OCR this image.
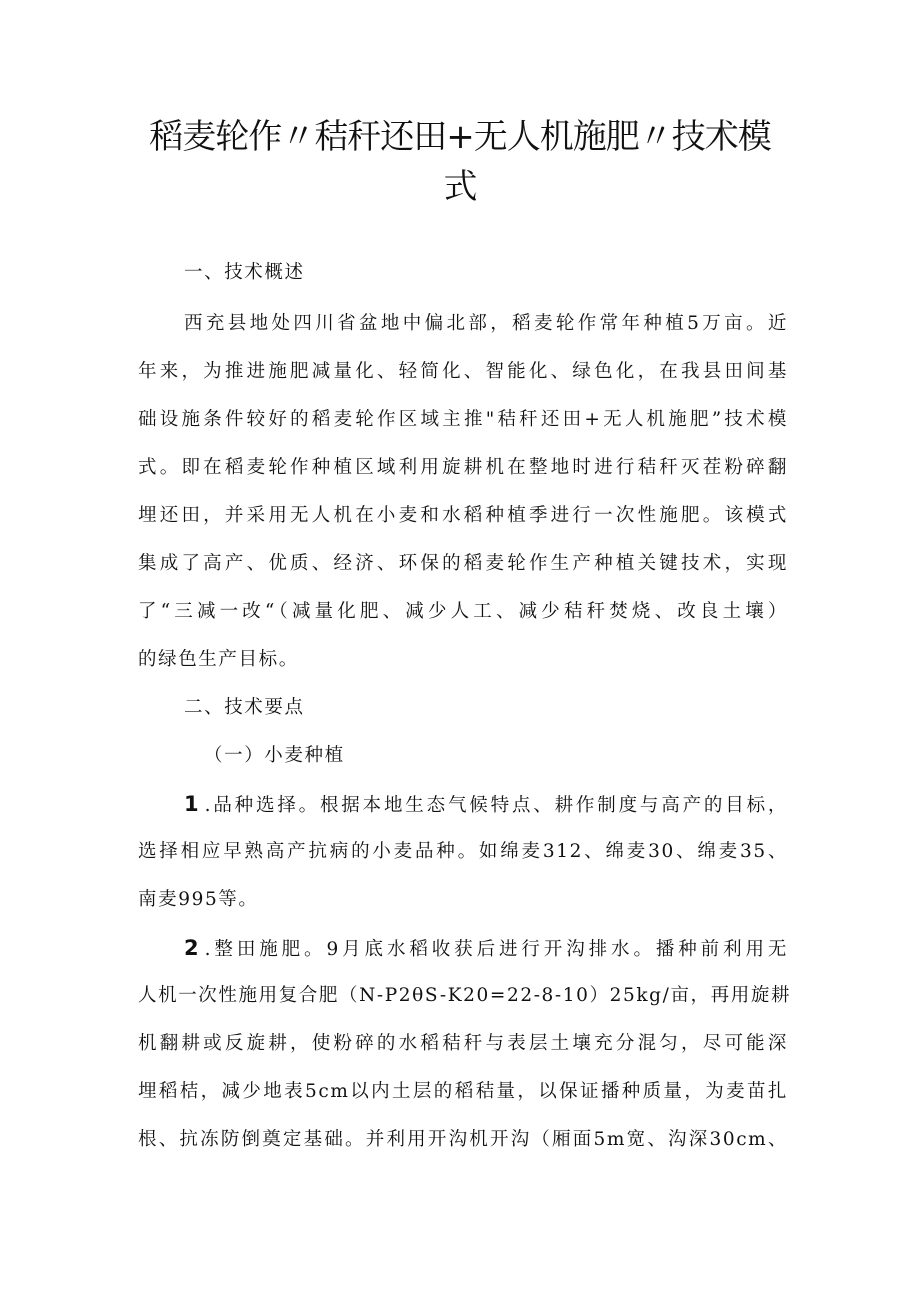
稻麦轮作〃秸秆还田+无人机施肥〃技术模
式
一、技术概述
西充县地处四川省盆地中偏北部，稻麦轮作常年种植5万亩。近
年来，为推进施肥减量化、轻简化、智能化、绿色化，在我县田间基
础设施条件较好的稻麦轮作区域主推"秸秆还田+无人机施肥”技术模
式。即在稻麦轮作种植区域利用旋耕机在整地时进行秸秆灭茬粉碎翻
埋还田，并采用无人机在小麦和水稻种植季进行一次性施肥。该模式
集成了高产、优质、经济、环保的稻麦轮作生产种植关键技术，实现
了“三减一改“（减量化肥、减少人工、减少秸秆焚烧、改良土壤）
的绿色生产目标。
二、技术要点
（一）小麦种植
1 .品种选择。根据本地生态气候特点、耕作制度与高产的目标，
选择相应早熟高产抗病的小麦品种。如绵麦312、绵麦30、绵麦35、
南麦995等。
2 .整田施肥。9月底水稻收获后进行开沟排水。播种前利用无
人机一次性施用复合肥（N-P2θS-K20=22-8-10）25kg∕亩，再用旋耕
机翻耕或反旋耕，使粉碎的水稻秸秆与表层土壤充分混匀，尽可能深
埋稻桔，减少地表5cm以内土层的稻秸量，以保证播种质量，为麦苗扎
根、抗冻防倒奠定基础。并利用开沟机开沟（厢面5m宽、沟深30cm、
